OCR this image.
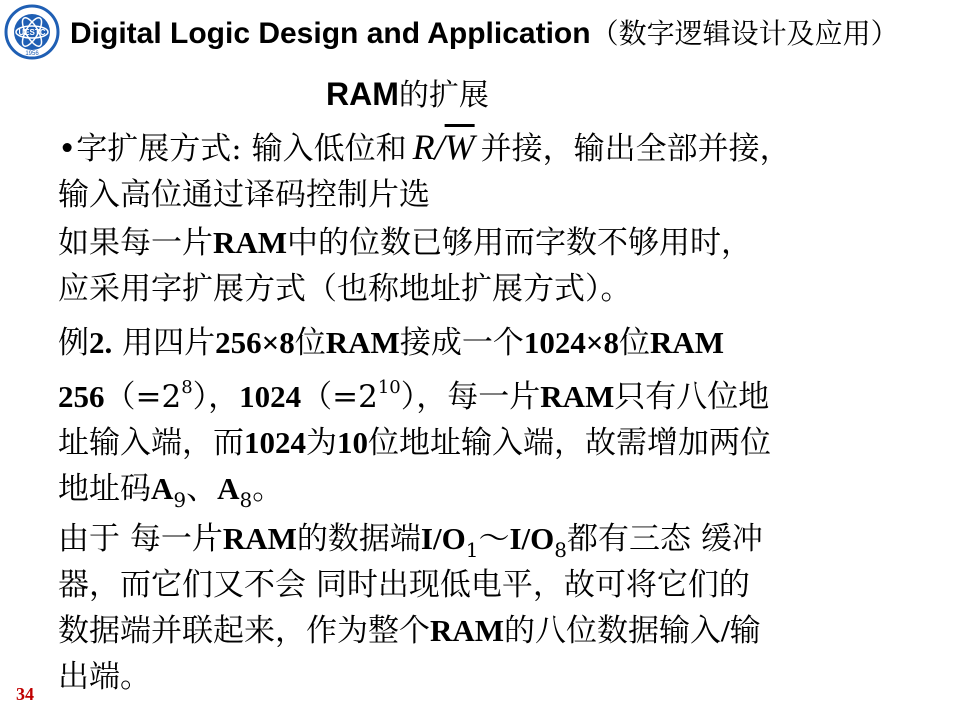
UESTC
1956
Digital Logic Design and Application（数字逻辑设计及应用）
RAM的扩展
•字扩展方式: 输入低位和 $R/\overline{W}$ 并接，输出全部并接，
输入高位通过译码控制片选
如果每一片RAM中的位数已够用而字数不够用时，
应采用字扩展方式（也称地址扩展方式）。
例2. 用四片256×8位RAM接成一个1024×8位RAM
$256(=2^8)$，$1024(=2^{10})$，每一片RAM只有八位地
址输入端，而1024为10位地址输入端，故需增加两位
地址码$A_9$、$A_8$。
由于 每一片RAM的数据端$I/O_1\sim I/O_8$都有三态 缓冲
器，而它们又不会 同时出现低电平，故可将它们的
数据端并联起来，作为整个RAM的八位数据输入/输
出端。
34
